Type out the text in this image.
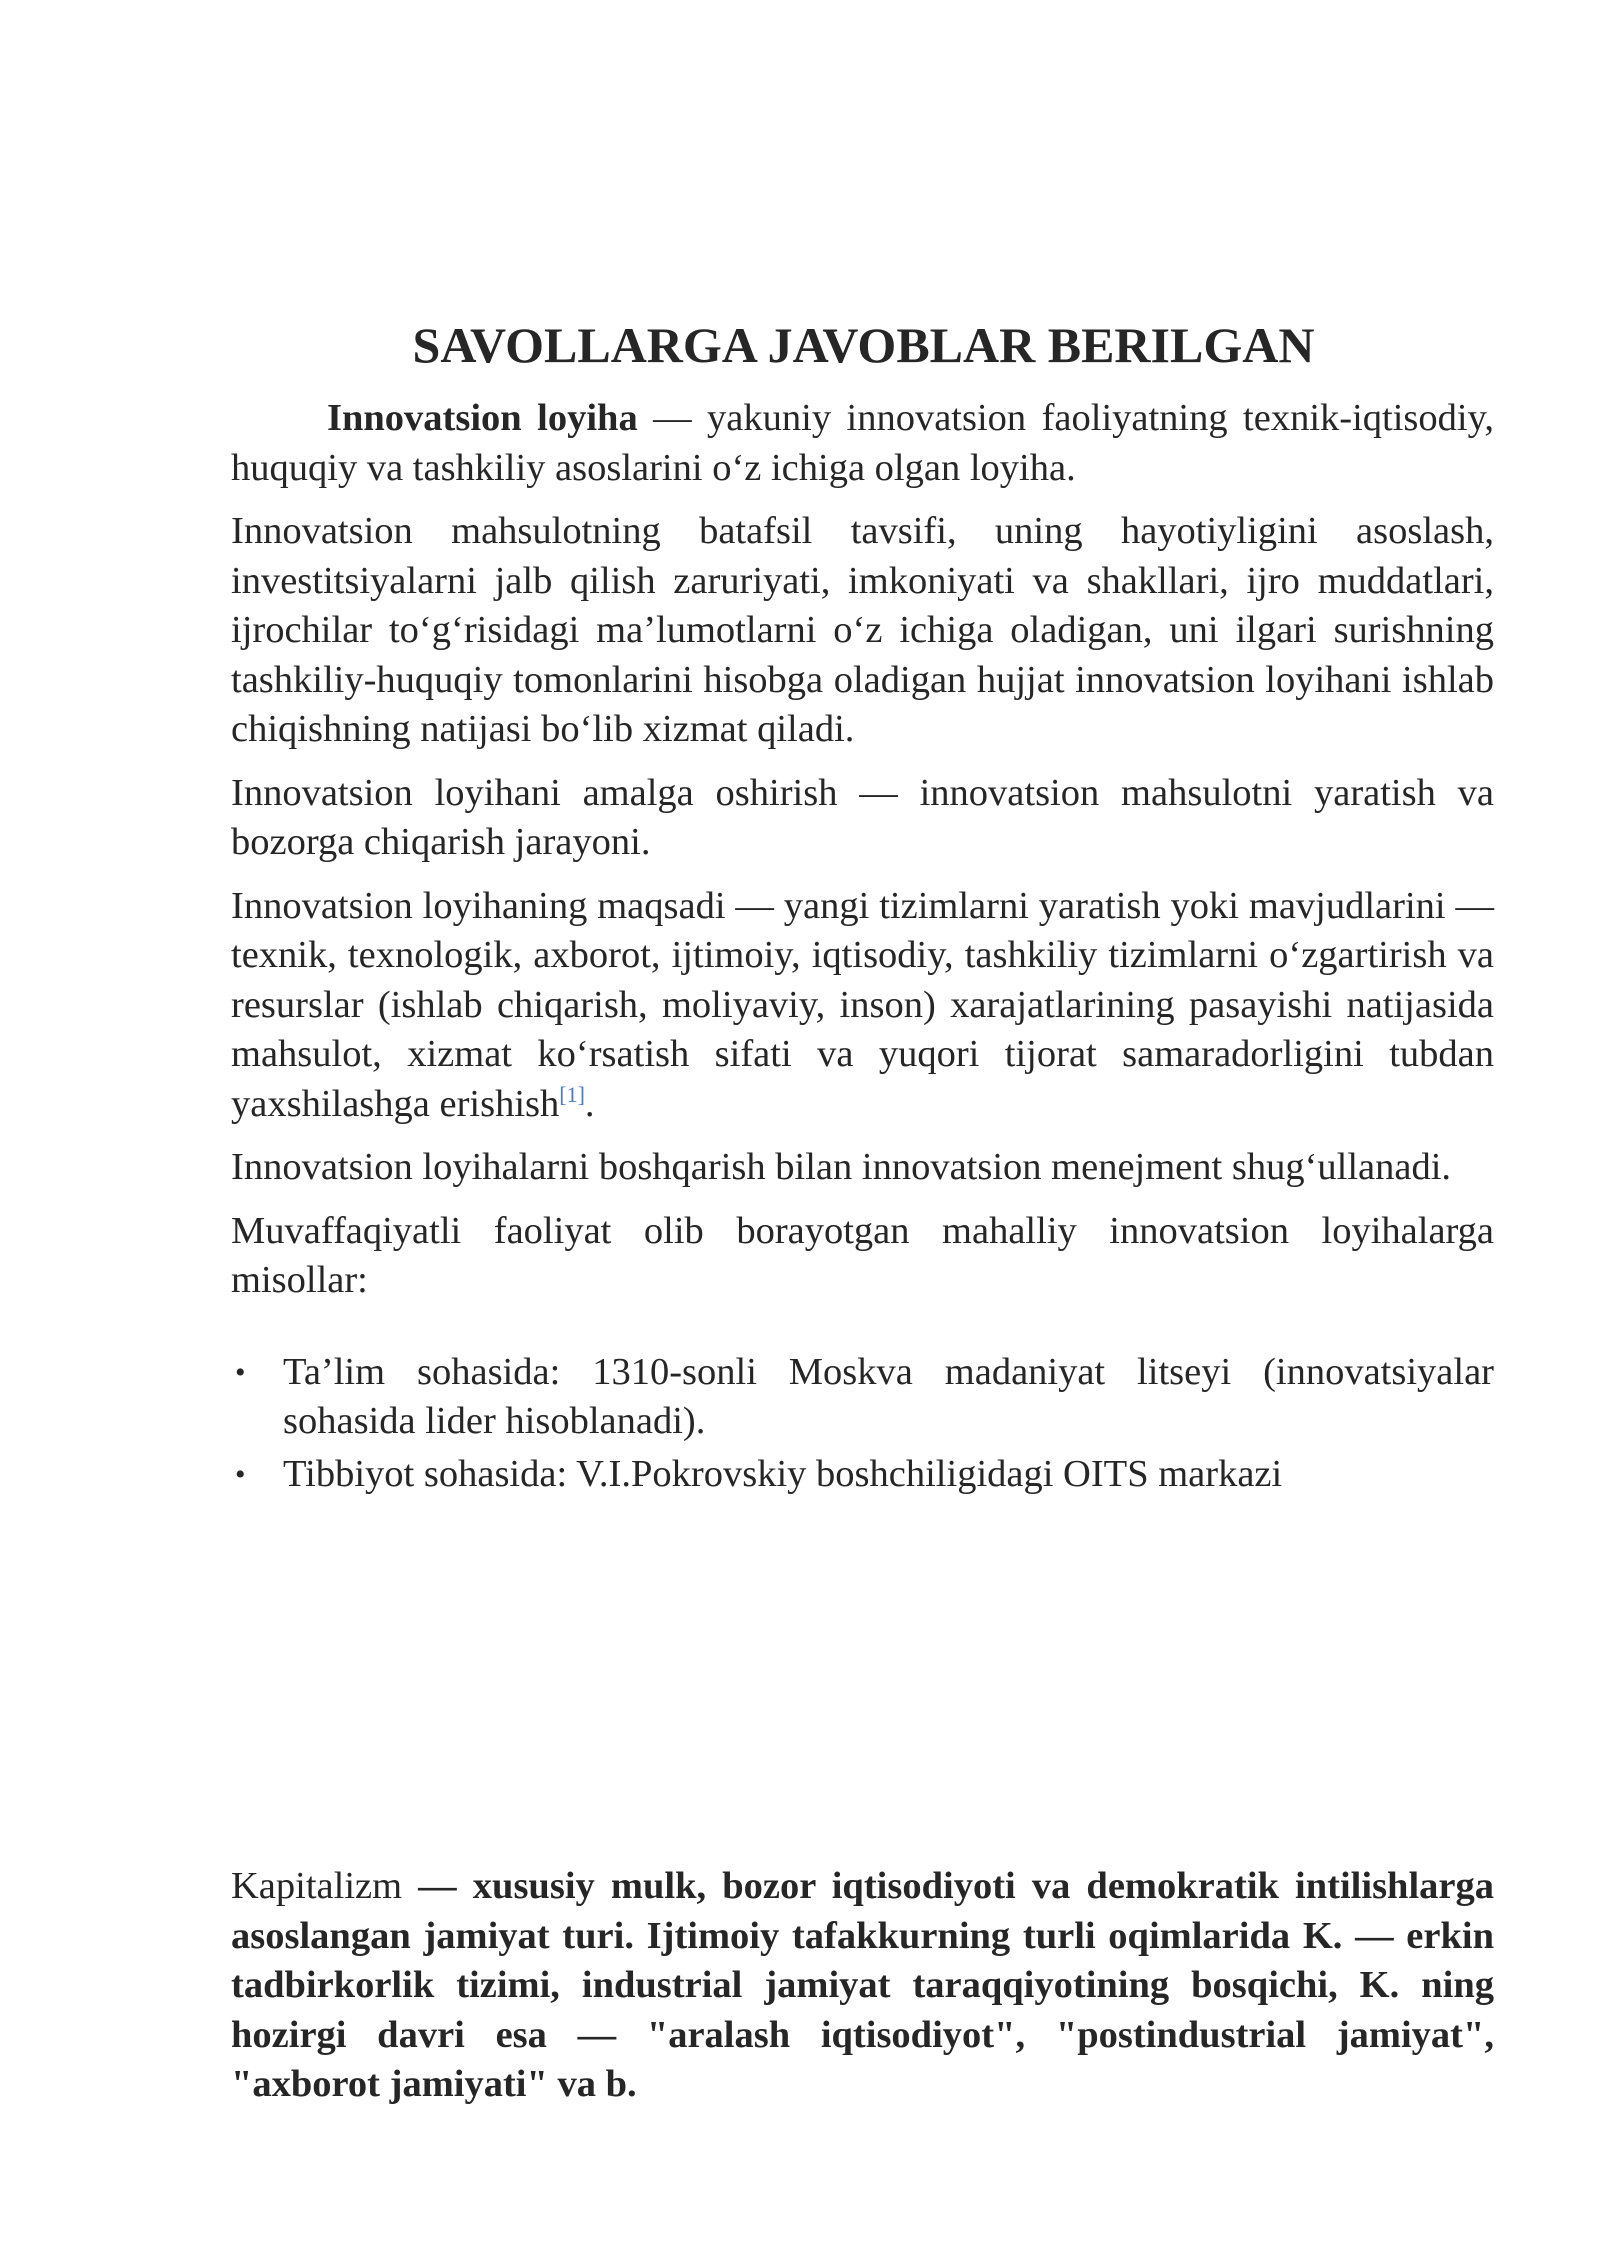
SAVOLLARGA JAVOBLAR BERILGAN

Innovatsion loyiha — yakuniy innovatsion faoliyatning texnik-iqtisodiy, huquqiy va tashkiliy asoslarini o‘z ichiga olgan loyiha.

Innovatsion mahsulotning batafsil tavsifi, uning hayotiyligini asoslash, investitsiyalarni jalb qilish zaruriyati, imkoniyati va shakllari, ijro muddatlari, ijrochilar to‘g‘risidagi ma’lumotlarni o‘z ichiga oladigan, uni ilgari surishning tashkiliy-huquqiy tomonlarini hisobga oladigan hujjat innovatsion loyihani ishlab chiqishning natijasi bo‘lib xizmat qiladi.

Innovatsion loyihani amalga oshirish — innovatsion mahsulotni yaratish va bozorga chiqarish jarayoni.

Innovatsion loyihaning maqsadi — yangi tizimlarni yaratish yoki mavjudlarini — texnik, texnologik, axborot, ijtimoiy, iqtisodiy, tashkiliy tizimlarni o‘zgartirish va resurslar (ishlab chiqarish, moliyaviy, inson) xarajatlarining pasayishi natijasida mahsulot, xizmat ko‘rsatish sifati va yuqori tijorat samaradorligini tubdan yaxshilashga erishish[1].

Innovatsion loyihalarni boshqarish bilan innovatsion menejment shug‘ullanadi.

Muvaffaqiyatli faoliyat olib borayotgan mahalliy innovatsion loyihalarga misollar:

• Ta’lim sohasida: 1310-sonli Moskva madaniyat litseyi (innovatsiyalar sohasida lider hisoblanadi).
• Tibbiyot sohasida: V.I.Pokrovskiy boshchiligidagi OITS markazi

Kapitalizm — xususiy mulk, bozor iqtisodiyoti va demokratik intilishlarga asoslangan jamiyat turi. Ijtimoiy tafakkurning turli oqimlarida K. — erkin tadbirkorlik tizimi, industrial jamiyat taraqqiyotining bosqichi, K. ning hozirgi davri esa — "aralash iqtisodiyot", "postindustrial jamiyat", "axborot jamiyati" va b.
